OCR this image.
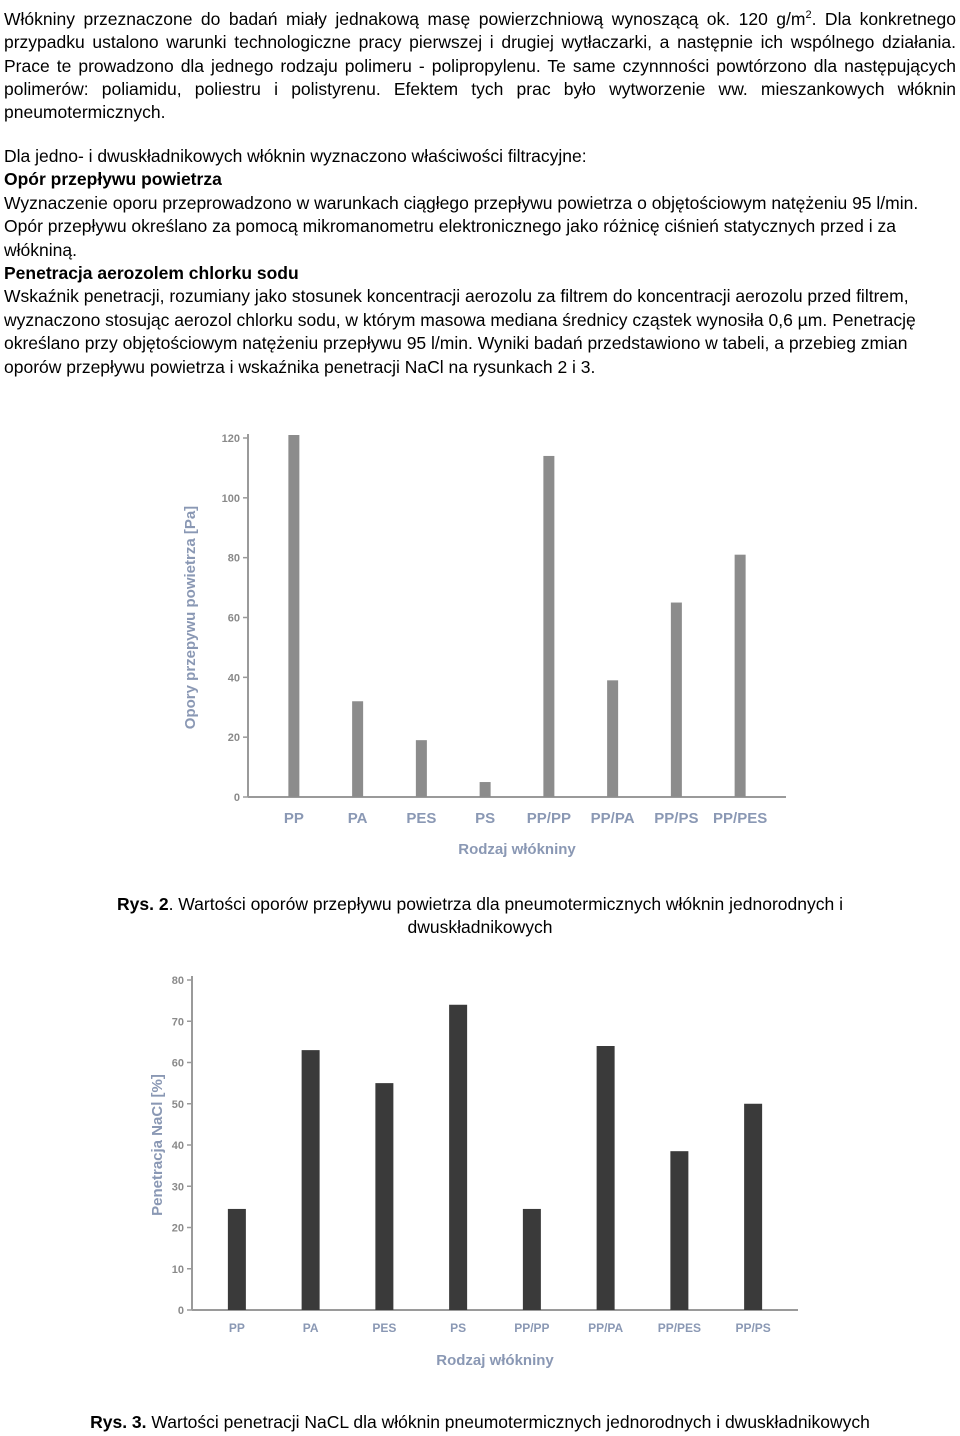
Włókniny przeznaczone do badań miały jednakową masę powierzchniową wynoszącą ok. 120 $g/m^2$. Dla konkretnego przypadku ustalono warunki technologiczne pracy pierwszej i drugiej wytłaczarki, a następnie ich wspólnego działania. Prace te prowadzono dla jednego rodzaju polimeru - polipropylenu. Te same czynnności powtórzono dla następujących polimerów: poliamidu, poliestru i polistyrenu. Efektem tych prac było wytworzenie ww. mieszankowych włóknin pneumotermicznych.
Dla jedno- i dwuskładnikowych włóknin wyznaczono właściwości filtracyjne:
Opór przepływu powietrza
Wyznaczenie oporu przeprowadzono w warunkach ciągłego przepływu powietrza o objętościowym natężeniu 95 l/min. Opór przepływu określano za pomocą mikromanometru elektronicznego jako różnicę ciśnień statycznych przed i za włókniną.
Penetracja aerozolem chlorku sodu
Wskaźnik penetracji, rozumiany jako stosunek koncentracji aerozolu za filtrem do koncentracji aerozolu przed filtrem, wyznaczono stosując aerozol chlorku sodu, w którym masowa mediana średnicy cząstek wynosiła 0,6 µm. Penetrację określano przy objętościowym natężeniu przepływu 95 l/min. Wyniki badań przedstawiono w tabeli, a przebieg zmian oporów przepływu powietrza i wskaźnika penetracji NaCl na rysunkach 2 i 3.
0
20
40
60
80
100
120
PP	PA	PES	PS PP/PP PP/PA PP/PS PP/PES
Rodzaj włókniny
Opory przepywu powietrza [Pa]
Rys. 2. Wartości oporów przepływu powietrza dla pneumotermicznych włóknin jednorodnych i dwuskładnikowych
0
10
20
30
40
50
60
70
80
PP	PA	PES	PS	PP/PP	PP/PA	PP/PES	PP/PS
Rodzaj włókniny
Penetracja NaCl [%]
Rys. 3. Wartości penetracji NaCL dla włóknin pneumotermicznych jednorodnych i dwuskładnikowych
